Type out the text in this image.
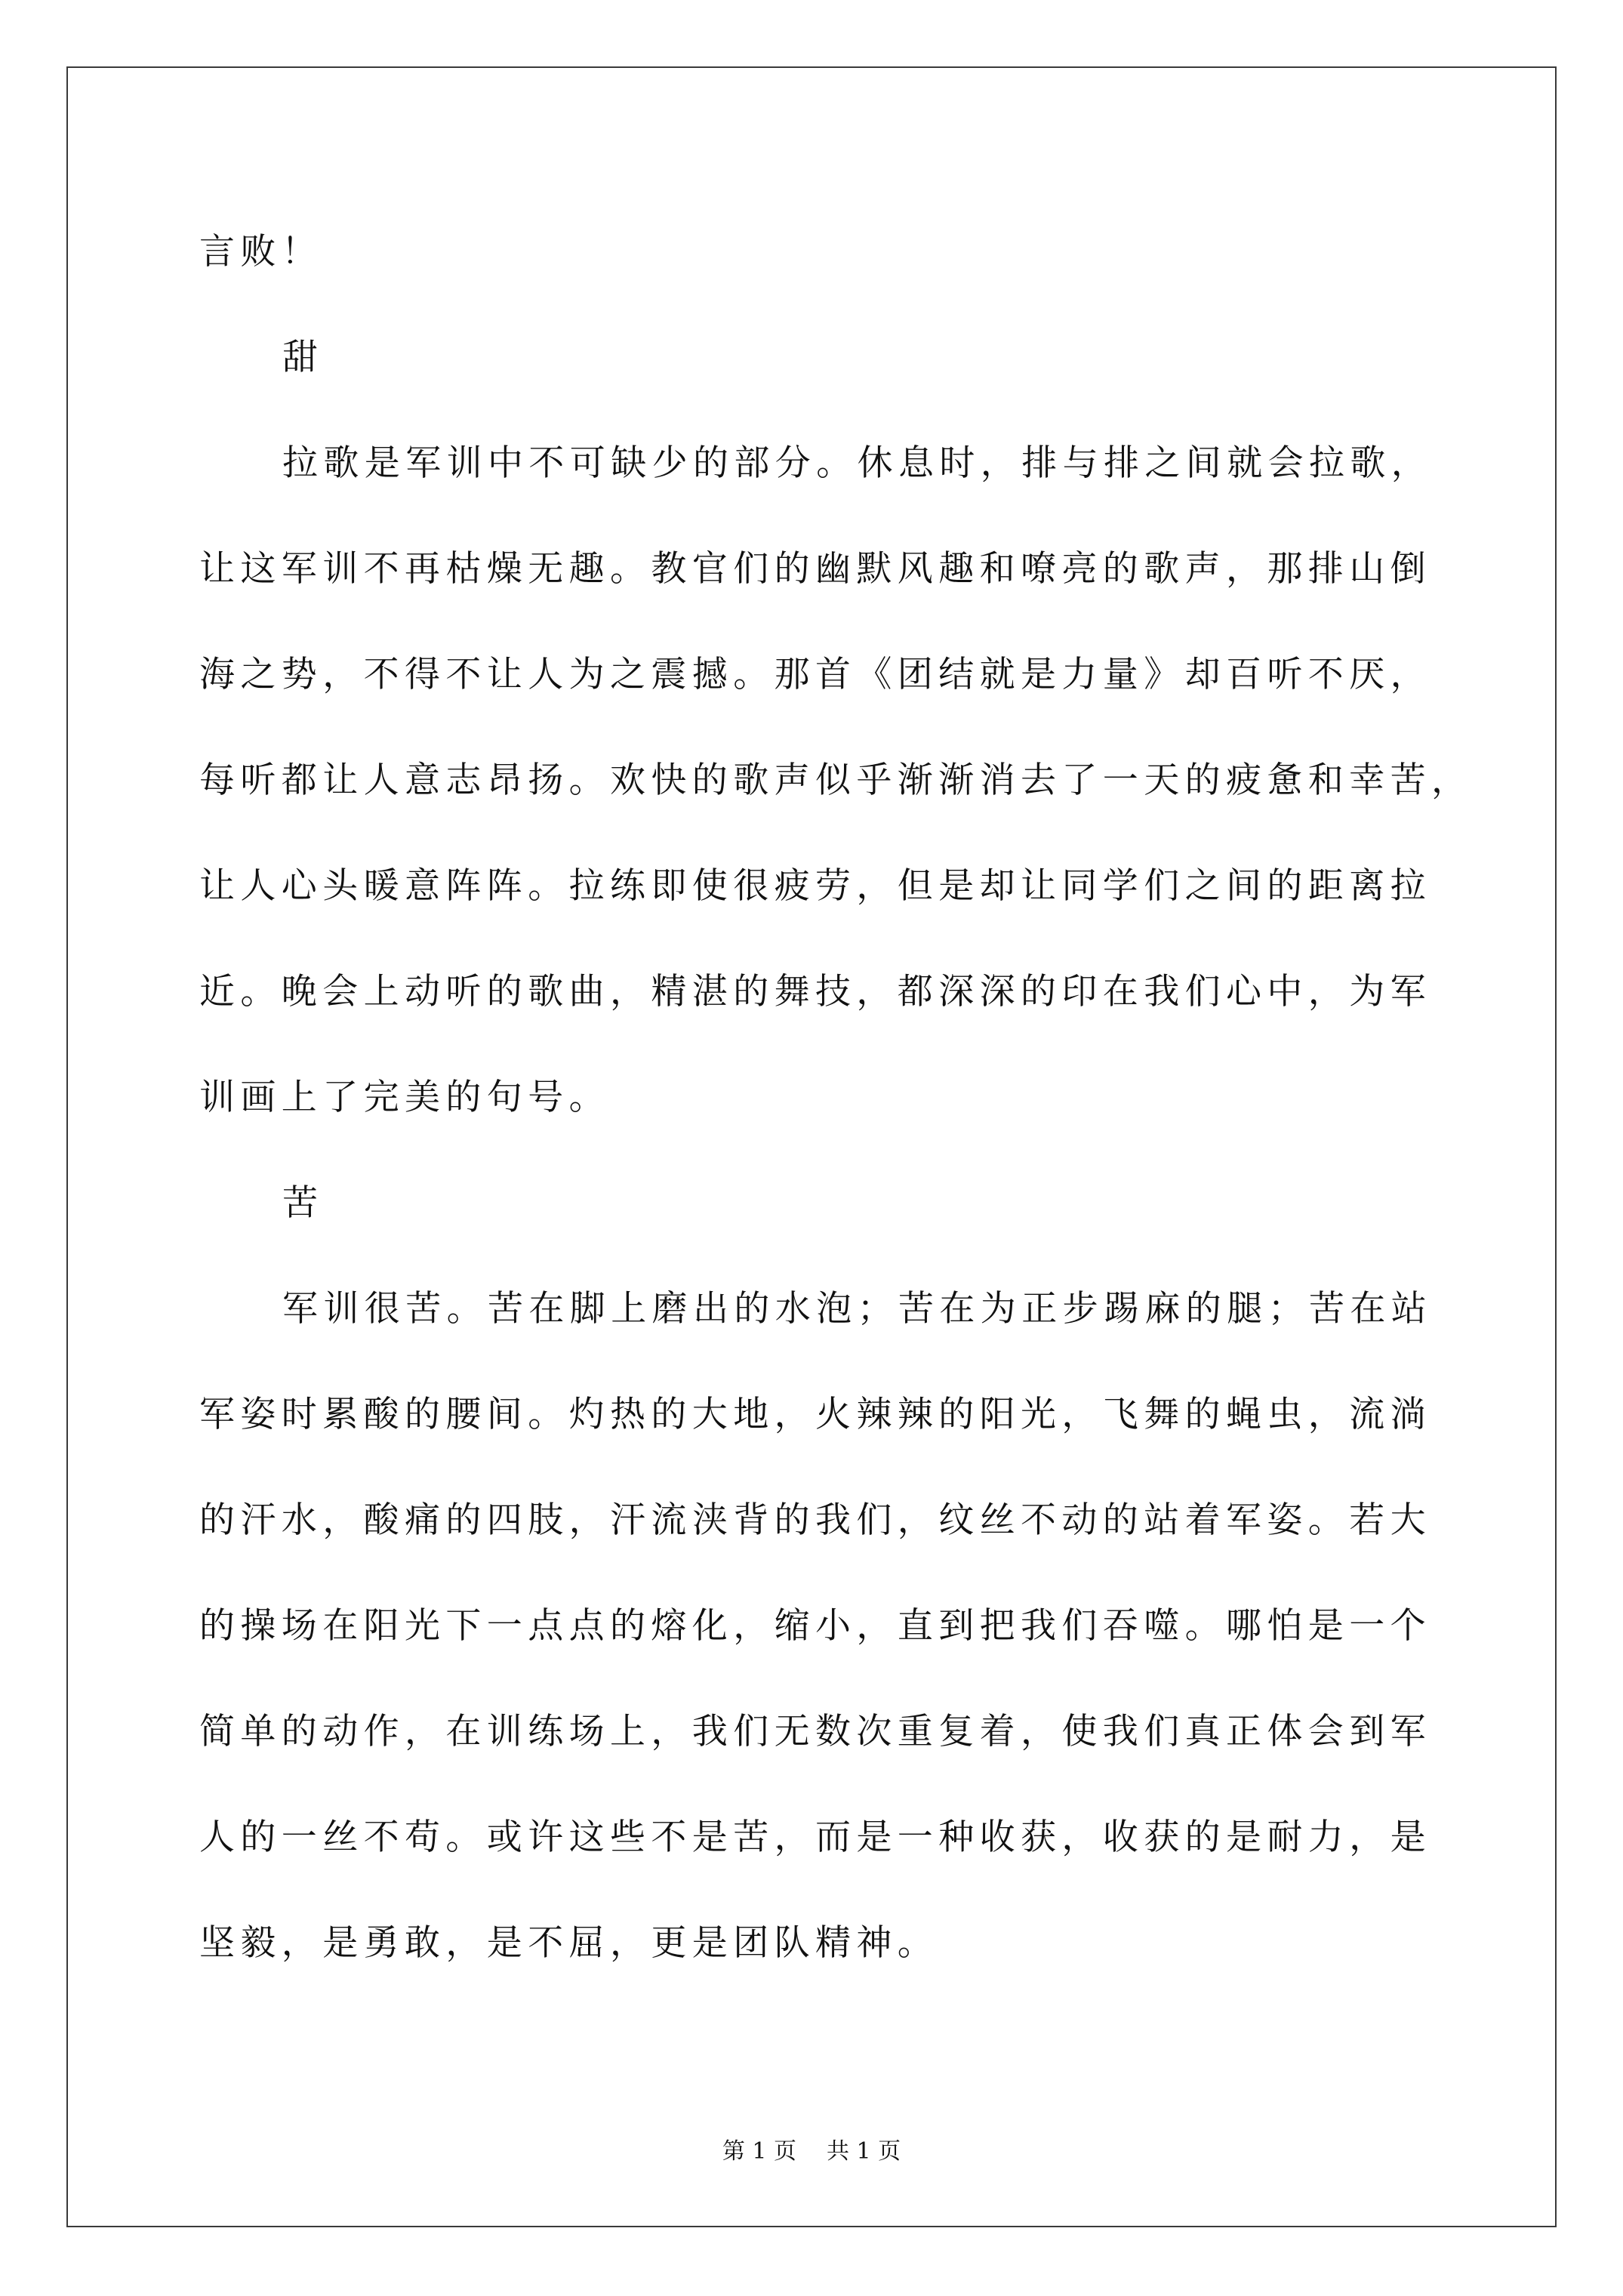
言败！
甜
拉歌是军训中不可缺少的部分。休息时，排与排之间就会拉歌，
让这军训不再枯燥无趣。教官们的幽默风趣和嘹亮的歌声，那排山倒
海之势，不得不让人为之震撼。那首《团结就是力量》却百听不厌，
每听都让人意志昂扬。欢快的歌声似乎渐渐消去了一天的疲惫和幸苦，
让人心头暖意阵阵。拉练即使很疲劳，但是却让同学们之间的距离拉
近。晚会上动听的歌曲，精湛的舞技，都深深的印在我们心中，为军
训画上了完美的句号。
苦
军训很苦。苦在脚上磨出的水泡；苦在为正步踢麻的腿；苦在站
军姿时累酸的腰间。灼热的大地，火辣辣的阳光，飞舞的蝇虫，流淌
的汗水，酸痛的四肢，汗流浃背的我们，纹丝不动的站着军姿。若大
的操场在阳光下一点点的熔化，缩小，直到把我们吞噬。哪怕是一个
简单的动作，在训练场上，我们无数次重复着，使我们真正体会到军
人的一丝不苟。或许这些不是苦，而是一种收获，收获的是耐力，是
坚毅，是勇敢，是不屈，更是团队精神。
第 1 页 共 1 页
